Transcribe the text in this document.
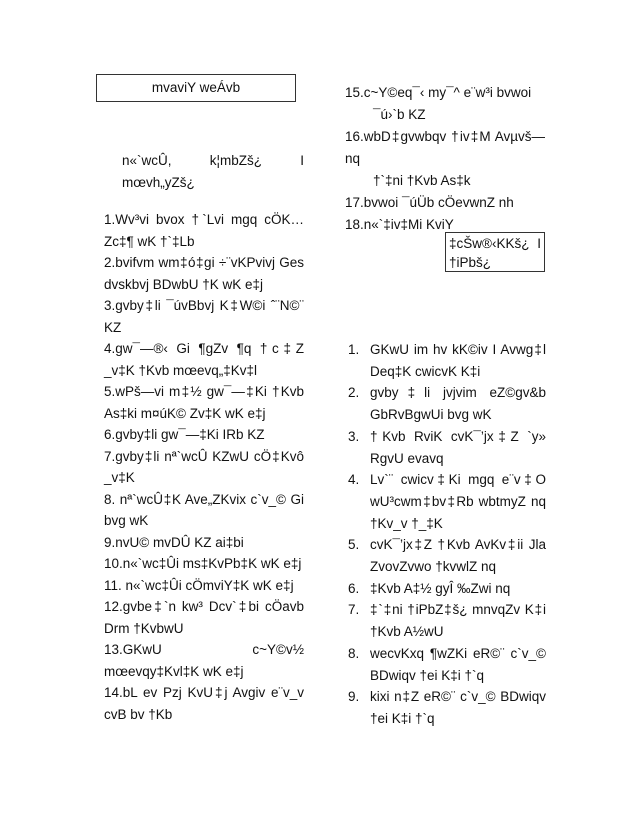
mvaviY weÁvb
n«`wcÛ,	k¦mbZš¿	I
mœvh„yZš¿
1.Wv³vi bvox †`Lvi mgq cÖK…Zc‡¶ wK †`‡Lb
2.bvifvm wm‡ó‡gi ÷¨vKPvivj Ges dvskbvj BDwbU †K wK e‡j
3.gvby‡li ¯úvBbvj K‡W©i ˆ¨N©¨ KZ
4.gw¯—®‹ Gi ¶gZv ¶q †c‡Z _v‡K †Kvb mœevq„‡Kv‡l
5.wPš—vi m‡½ gw¯—‡Ki †Kvb As‡ki m¤úK© Zv‡K wK e‡j
6.gvby‡li gw¯—‡Ki IRb KZ
7.gvby‡li nª`wcÛ KZwU cÖ‡Kvô _v‡K
8. nª`wcÛ‡K Ave„ZKvix c`v_© Gi bvg wK
9.nvU© mvDÛ KZ ai‡bi
10.n«`wc‡Ûi ms‡KvPb‡K wK e‡j
11. n«`wc‡Ûi cÖmviY‡K wK e‡j
12.gvbe‡`n kw³ Dcv`‡bi cÖavb Drm †KvbwU
13.GKwU c~Y©v½ mœevqy‡Kvl‡K wK e‡j
14.bL ev Pzj KvU‡j Avgiv e¨v_v cvB bv †Kb
15.c~Y©eq¯‹ my¯^ e¨w³i bvwoi
¯ú›`b KZ
16.wbD‡gvwbqv †iv‡M Avµvš— nq
†`‡ni †Kvb As‡k
17.bvwoi ¯úÜb cÖevwnZ nh
18.n«`‡iv‡Mi KviY
‡cŠw®‹KKš¿ I
†iPbš¿
1. GKwU im hv kK©iv I Avwg‡l Deq‡K cwicvK K‡i
2. gvby‡li jvjvim eZ©gv&b GbRvBgwUi bvg wK
3. †Kvb RviK cvK¯’jx‡Z `y» RgvU evavq
4. Lv`¨ cwicv‡Ki mgq e¨v‡O wU³cwm‡bv‡Rb wbtmyZ nq †Kv_v †_‡K
5. cvK¯’jx‡Z †Kvb AvKv‡ii Jla ZvovZvwo †kvwlZ nq
6. ‡Kvb A‡½ gyÎ ‰Zwi nq
7. ‡`‡ni †iPbZ‡š¿ mnvqZv K‡i †Kvb A½wU
8. wecvKxq ¶wZKi eR©¨ c`v_© BDwiqv †ei K‡i †`q
9. kixi n‡Z eR©¨ c`v_© BDwiqv †ei K‡i †`q
